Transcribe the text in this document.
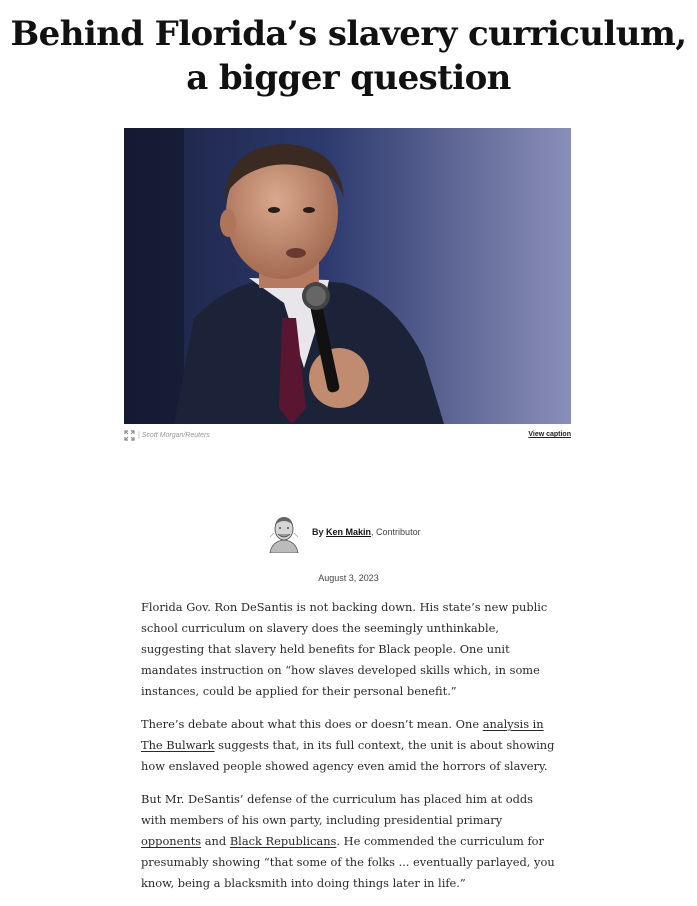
Behind Florida’s slavery curriculum, a bigger question
| Scott Morgan/Reuters	View caption
By Ken Makin, Contributor
August 3, 2023

Florida Gov. Ron DeSantis is not backing down. His state’s new public school curriculum on slavery does the seemingly unthinkable, suggesting that slavery held benefits for Black people. One unit mandates instruction on “how slaves developed skills which, in some instances, could be applied for their personal benefit.”

There’s debate about what this does or doesn’t mean. One analysis in The Bulwark suggests that, in its full context, the unit is about showing how enslaved people showed agency even amid the horrors of slavery.

But Mr. DeSantis’ defense of the curriculum has placed him at odds with members of his own party, including presidential primary opponents and Black Republicans. He commended the curriculum for presumably showing “that some of the folks ... eventually parlayed, you know, being a blacksmith into doing things later in life.”
